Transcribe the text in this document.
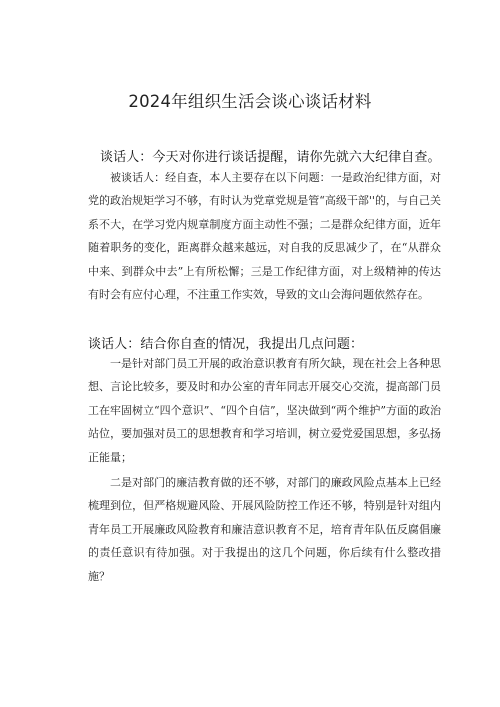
2024年组织生活会谈心谈话材料
谈话人：今天对你进行谈话提醒，请你先就六大纪律自查。

被谈话人：经自查，本人主要存在以下问题：一是政治纪律方面，对党的政治规矩学习不够，有时认为党章党规是管“高级干部''的，与自己关系不大，在学习党内规章制度方面主动性不强；二是群众纪律方面，近年随着职务的变化，距离群众越来越远，对自我的反思减少了，在“从群众中来、到群众中去”上有所松懈；三是工作纪律方面，对上级精神的传达有时会有应付心理，不注重工作实效，导致的文山会海问题依然存在。

谈话人：结合你自查的情况，我提出几点问题：

一是针对部门员工开展的政治意识教育有所欠缺，现在社会上各种思想、言论比较多，要及时和办公室的青年同志开展交心交流，提高部门员工在牢固树立“四个意识”、“四个自信”，坚决做到“两个维护”方面的政治站位，要加强对员工的思想教育和学习培训，树立爱党爱国思想，多弘扬正能量；

二是对部门的廉洁教育做的还不够，对部门的廉政风险点基本上已经梳理到位，但严格规避风险、开展风险防控工作还不够，特别是针对组内青年员工开展廉政风险教育和廉洁意识教育不足，培育青年队伍反腐倡廉的责任意识有待加强。对于我提出的这几个问题，你后续有什么整改措施？
